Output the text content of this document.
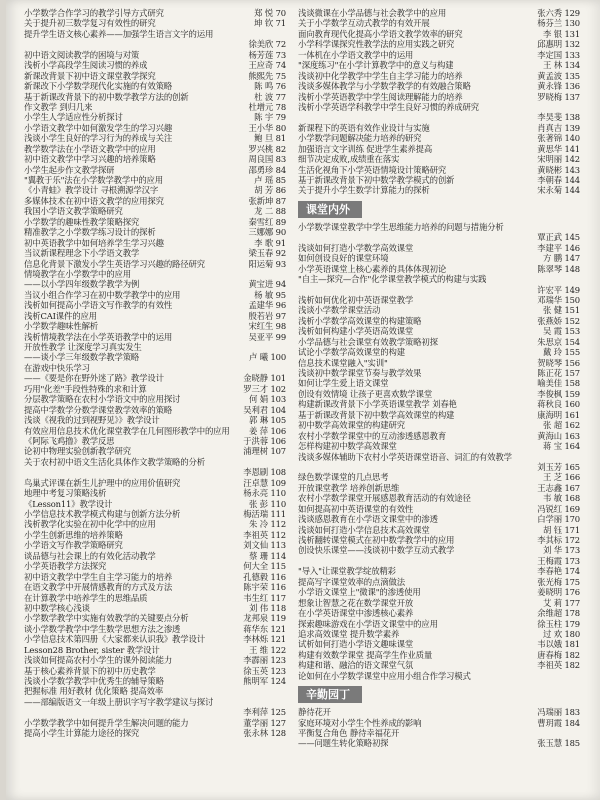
小学数学合作学习的教学引导方式研究	郑 悦 70
关于提升初三数学复习有效性的研究	坤 钦 71
提升学生语文核心素养——加强学生语言文字的运用
徐美欣 72
初中语文阅读教学的困境与对策	杨芳莲 73
浅析小学高段学生阅读习惯的养成	王应奇 74
新课改背景下初中语文课堂教学探究	熊熙先 75
新课改下小学数学现代化实施的有效策略	陈 鸣 76
基于新课改背景下的初中数学教学方法的创新	杜 波 77
作文教学 到归几来	杜增元 78
小学生人学适应性分析探讨	陈 宇 79
小学语文教学中如何激发学生的学习兴趣	王小华 80
浅谈小学生良好的学习行为的养成与关注	鲍 旦 81
教学数学法在小学语文教学中的应用	罗兴桃 82
初中语文教学中学习兴趣的培养策略	周良国 83
小学生起步作文教学探研	邵勇珍 84
"翼教于乐"法在小学数学教学中的应用	卢 瑶 85
《小青蛙》教学设计 寻根溯源学汉字	胡 芳 86
多媒体技术在初中语文教学的应用探究	张新坤 87
我国小学语文教学策略研究	龙 二 88
小学数学的趣味性教学策略探究	秦雪红 89
精准教学之小学数学练习设计的探析	三娜娜 90
初中英语教学中如何培养学生学习兴趣	李 歌 91
当议新课程理念下小学语文教学	梁玉春 92
信息化背景下激发小学生英语学习兴趣的路径研究	阳运菊 93
情境教学在小学数学中的应用
——以小学四年级数学教学为例	黄宝进 94
当议小组合作学习在初中数学教学中的应用	杨 敏 95
浅析如何提高小学语文写作教学的有效性	孟建华 96
浅析CAI课件的应用	殷若岩 97
小学数学趣味性解析	宋红生 98
浅析情境教学法在小学英语教学中的运用	吴亚平 99
开放性教学 让深度学习真实发生
——谈小学三年级数学教学策略	卢 曦 100
在游戏中快乐学习
——《要是你在野外迷了路》教学设计	金晓静 101
巧用"化差"手段性特殊的求和计算	罗三才 102
分层教学策略在农村小学语文中的应用探讨	何 娟 103
提高中学数学分数学课堂教学效率的策略	吴利君 104
浅谈《视我的过到视野见》》教学设计	郭 琳 105
有效应用信息技术优化课堂教学在几何图形教学中的应用	姜 萍 106
《阿际飞鸡撸》教学反思	于洪蓉 106
论初中物理实验创新教学研究	浦理树 107
关于农村初中语文生活化具体作文教学策略的分析
李恩刷 108
鸟巢式评课在新生儿护理中的应用价值研究	汪卓慧 109
地理中考复习策略浅析	杨永亮 110
《Lesson11》教学设计	张 彭 110
小学信息技术教学模式构建与创新方法分析	梅活瑞 111
浅析教学化实验在初中化学中的应用	朱 冷 112
小学生创新思维的培养策略	李祖英 112
小学语文写作教学策略研究	刘文仙 113
谈品德与社会课上的有效化活动教学	蔡 珊 114
小学英语教学方法探究	何大全 115
初中语文教学中学生自主学习能力的培养	孔德毅 116
在语文教学中开展情感教育的方式及方法	陈宇荣 116
在计算教学中培养学生的思维品质	韦生红 117
初中数学核心浅谈	刘 伟 118
小学数学教学中实施有效教学的关键要点分析	龙邦泉 119
谈小学数学教学中学生数学思想方法之渗透	蒋华东 121
小学信息技术第四册《大家都来认识我》教学设计	李林烁 121
Lesson28 Brother, sister 教学设计	王 维 122
浅谈如何提高农村小学生的课外阅读能力	李霹丽 123
基于核心素养背景下的初中历史教学	徐玉英 123
浅谈小学数学教学中优秀生的辅导策略	熊明军 124
把握标准 用好教材 优化策略 提高效率
——部编版语文一年级上册识字写字教学建议与探讨
李利萍 125
小学数学教学中如何提升学生解决问题的能力	董学丽 127
提高小学生计算能力途径的探究	张永林 128
浅谈微课在小学品德与社会教学中的应用	张六秀 129
关于小学数学互动式教学的有效开展	杨芬兰 130
面向教育现代化提高小学语文教学效率的研究	李 银 131
小学科学课探究性教学法的应用实践之研究	邱惠明 132
一体机在小学语文教学中的运用	李定国 133
"深度练习"在小学计算教学中的意义与构建	王 林 134
浅谈初中化学教学中学生自主学习能力的培养	黄孟波 135
浅谈多媒体教学与小学数学教学的有效融合策略	黄永锋 136
浅析小学英语教学中学生阅读理解能力的培养	罗晓梅 137
浅析小学英语学科教学中学生良好习惯的养成研究
李昊斐 138
新课程下的英语有效作业设计与实施	肖真吉 139
小学数学问题解决能力培养的研究	张著锦 140
加强语言文字训练 促进学生素养提高	黄思华 141
细节决定成败,成绩重在落实	宋明丽 142
生活化视角下小学英语情境设计策略研究	黄晓彬 143
基于新课改背景下初中数学教学模式的创新	李朝春 144
关于提升小学生数学计算能力的探析	宋永菊 144
课堂内外
小学数学课堂教学中学生思维能力培养的问题与措施分析
覃正武 145
浅谈如何打造小学数学高效课堂	李建平 146
如何创设良好的课堂环境	方 鹏 147
小学英语课堂上核心素养的具体体现初论	陈翠琴 148
"自主—探究—合作"化学课堂教学模式的构建与实践
许宏平 149
浅析如何优化初中英语课堂教学	邓瑞华 150
浅谈小学数学课堂活动	张 健 151
浅析小学数学高效课堂的构建策略	张燕娇 152
浅析如何构建小学英语高效课堂	吴 霞 153
小学品德与社会课堂有效教学策略初探	朱思京 154
试论小学数学高效课堂的构建	戴 玲 155
信息技术课堂融入"实训"	贺晓琴 156
浅谈初中数学课堂节奏与教学效果	陈正花 157
如何让学生爱上语文课堂	喻美佳 158
创设有效情境 让孩子更喜欢数学课堂	李俊枫 159
构建新课改背景下小学英语课堂教学 刘春艳	蒋秋良 160
基于新课改背景下初中数学高效课堂的构建	康海明 161
初中数学高效课堂的构建研究	张 超 162
农村小学数学课堂中的互动渗透感恩教育	黄海山 163
怎样构建初中数学高效课堂	蒋 宝 164
浅谈多媒体辅助下农村小学英语课堂语音、词汇的有效教学
刘玉芳 165
绿色数学课堂的几点思考	王 芝 166
开放课堂教学 培养创新思维	王志鑫 167
农村小学数学课堂开展感恩教育活动的有效途径	韦 敏 168
如何提高初中英语课堂的有效性	冯锐红 169
浅谈感恩教育在小学语文课堂中的渗透	白学丽 170
浅谈如何打造小学信息技术高效课堂	胡 钰 171
浅析翻转课堂模式在初中数学教学中的应用	李其标 172
创设快乐课堂——浅谈初中数学互动式教学	刘 华 173
王梅霞 173
"导入"让课堂教学绽放精彩	李春艳 174
提高写字课堂效率的点滴做法	张光梅 175
小学语文课堂上"微课"的渗透使用	姜晓明 176
想象让智慧之花在数学课堂开放	艾 莉 177
在小学英语课堂中渗透核心素养	余维超 178
探索趣味游戏在小学语文课堂中的应用	徐玉柱 179
追求高效课堂 提升数学素养	过 欢 180
试析如何打造小学语文趣味课堂	韦以娥 181
构建有效数学课堂 提高学生作业质量	唐春梅 182
构建和谐、融洽的语文课堂气氛	李祖英 182
论如何在小学数学课堂中应用小组合作学习模式
辛勤园丁
静待花开	冯瑞丽 183
家庭环境对小学生个性养成的影响	曹玥霞 184
平衡复合角色 静待幸福花开
——问题生转化策略初探	张玉慧 185
